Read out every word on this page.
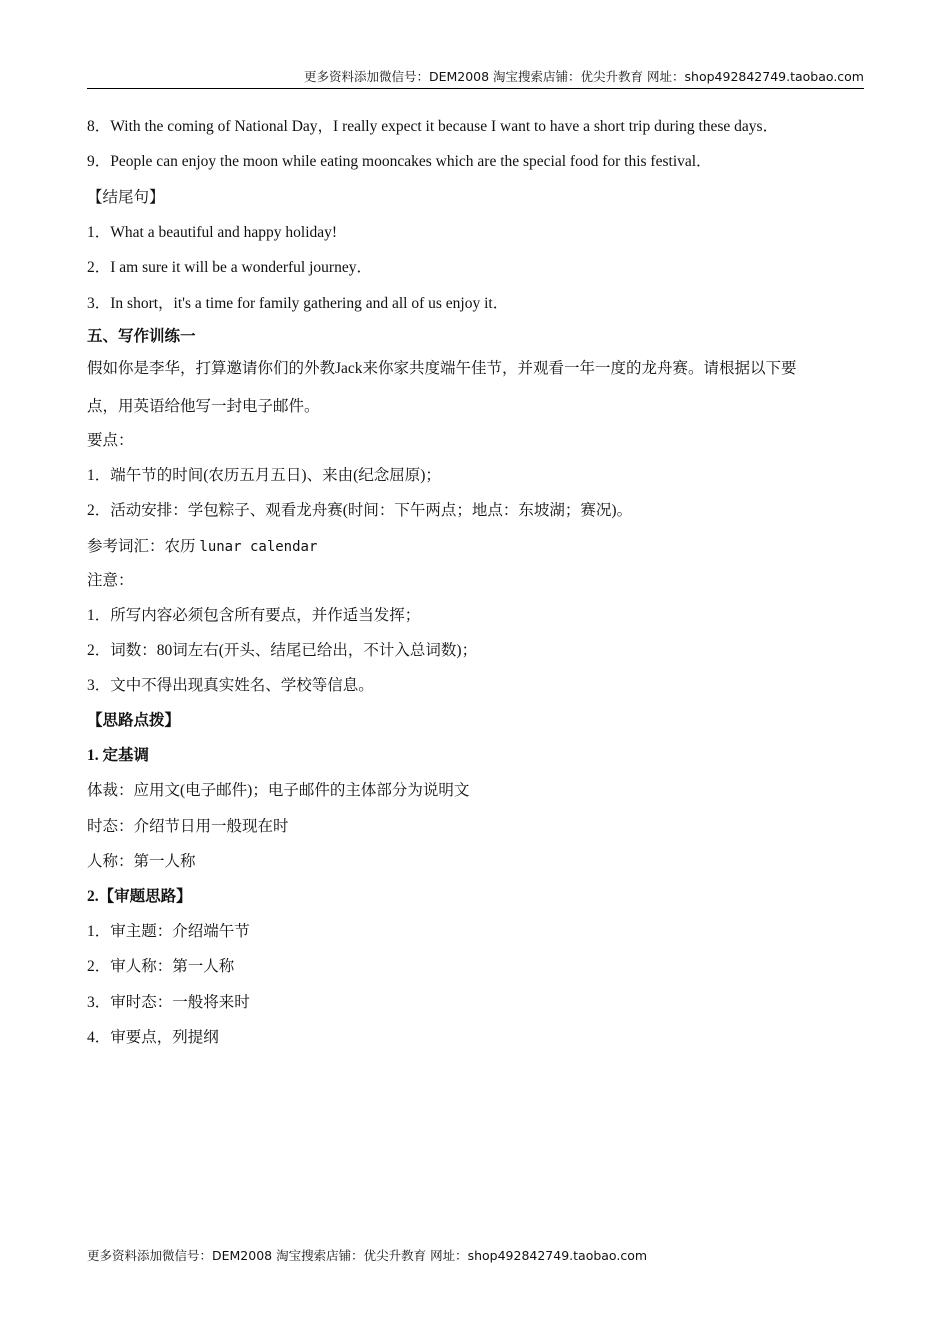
更多资料添加微信号：DEM2008 淘宝搜索店铺：优尖升教育 网址：shop492842749.taobao.com
8．With the coming of National Day，I really expect it because I want to have a short trip during these days．
9．People can enjoy the moon while eating mooncakes which are the special food for this festival．
【结尾句】
1．What a beautiful and happy holiday!
2．I am sure it will be a wonderful journey．
3．In short，it's a time for family gathering and all of us enjoy it．
五、写作训练一
假如你是李华，打算邀请你们的外教Jack来你家共度端午佳节，并观看一年一度的龙舟赛。请根据以下要
点，用英语给他写一封电子邮件。
要点：
1．端午节的时间(农历五月五日)、来由(纪念屈原)；
2．活动安排：学包粽子、观看龙舟赛(时间：下午两点；地点：东坡湖；赛况)。
参考词汇：农历 lunar calendar
注意：
1．所写内容必须包含所有要点，并作适当发挥；
2．词数：80词左右(开头、结尾已给出，不计入总词数)；
3．文中不得出现真实姓名、学校等信息。
【思路点拨】
1. 定基调
体裁：应用文(电子邮件)；电子邮件的主体部分为说明文
时态：介绍节日用一般现在时
人称：第一人称
2.【审题思路】
1．审主题：介绍端午节
2．审人称：第一人称
3．审时态：一般将来时
4．审要点，列提纲
更多资料添加微信号：DEM2008 淘宝搜索店铺：优尖升教育 网址：shop492842749.taobao.com
